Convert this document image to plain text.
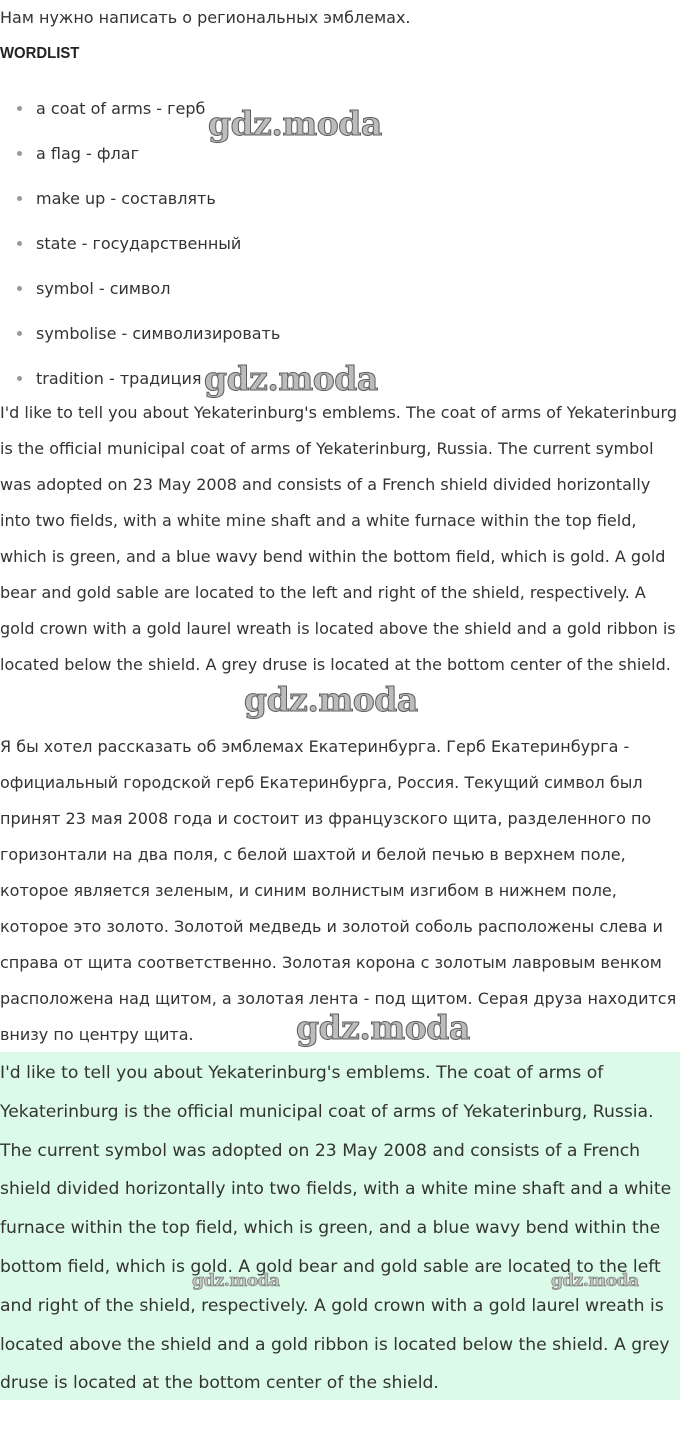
Нам нужно написать о региональных эмблемах.
WORDLIST
a coat of arms - герб
a flag - флаг
make up - составлять
state - государственный
symbol - символ
symbolise - символизировать
tradition - традиция

I'd like to tell you about Yekaterinburg's emblems. The coat of arms of Yekaterinburg is the official municipal coat of arms of Yekaterinburg, Russia. The current symbol was adopted on 23 May 2008 and consists of a French shield divided horizontally into two fields, with a white mine shaft and a white furnace within the top field, which is green, and a blue wavy bend within the bottom field, which is gold. A gold bear and gold sable are located to the left and right of the shield, respectively. A gold crown with a gold laurel wreath is located above the shield and a gold ribbon is located below the shield. A grey druse is located at the bottom center of the shield.

Я бы хотел рассказать об эмблемах Екатеринбурга. Герб Екатеринбурга - официальный городской герб Екатеринбурга, Россия. Текущий символ был принят 23 мая 2008 года и состоит из французского щита, разделенного по горизонтали на два поля, с белой шахтой и белой печью в верхнем поле, которое является зеленым, и синим волнистым изгибом в нижнем поле, которое это золото. Золотой медведь и золотой соболь расположены слева и справа от щита соответственно. Золотая корона с золотым лавровым венком расположена над щитом, а золотая лента - под щитом. Серая друза находится внизу по центру щита.

I'd like to tell you about Yekaterinburg's emblems. The coat of arms of Yekaterinburg is the official municipal coat of arms of Yekaterinburg, Russia. The current symbol was adopted on 23 May 2008 and consists of a French shield divided horizontally into two fields, with a white mine shaft and a white furnace within the top field, which is green, and a blue wavy bend within the bottom field, which is gold. A gold bear and gold sable are located to the left and right of the shield, respectively. A gold crown with a gold laurel wreath is located above the shield and a gold ribbon is located below the shield. A grey druse is located at the bottom center of the shield.

gdz.moda
gdz.moda
gdz.moda
gdz.moda
gdz.moda	gdz.moda
